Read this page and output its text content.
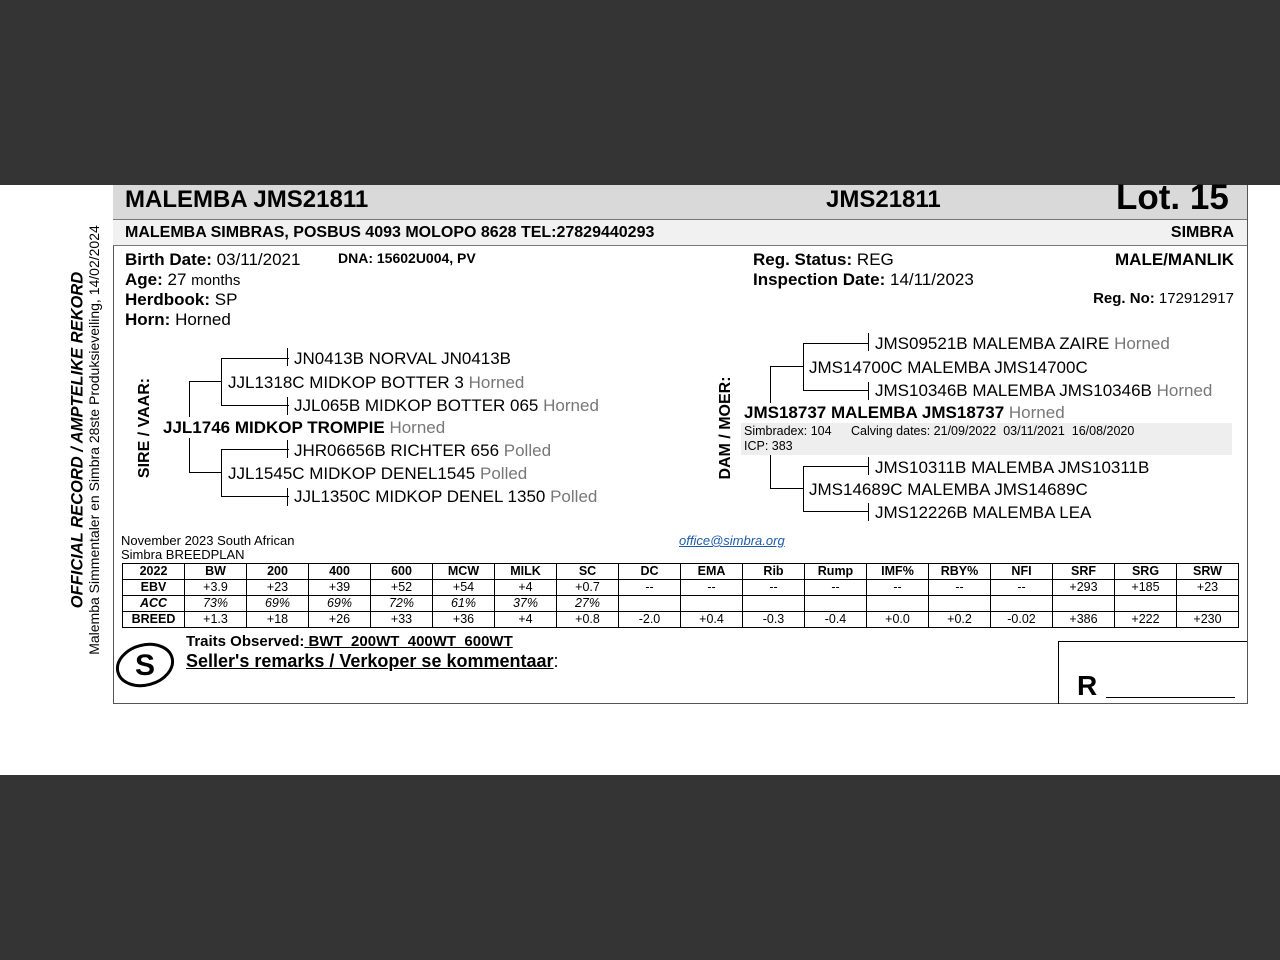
OFFICIAL RECORD / AMPTELIKE REKORD Malemba Simmentaler en Simbra 28ste Produksieveiling, 14/02/2024
MALEMBA JMS21811	JMS21811	Lot. 15
MALEMBA SIMBRAS, POSBUS 4093 MOLOPO 8628 TEL:27829440293	SIMBRA
Birth Date: 03/11/2021	DNA: 15602U004, PV
Age: 27 months
Herdbook: SP
Horn: Horned
Reg. Status: REG
Inspection Date: 14/11/2023
MALE/MANLIK
Reg. No: 172912917
SIRE / VAAR:
JN0413B NORVAL JN0413B
JJL1318C MIDKOP BOTTER 3 Horned
JJL065B MIDKOP BOTTER 065 Horned
JJL1746 MIDKOP TROMPIE Horned
JHR06656B RICHTER 656 Polled
JJL1545C MIDKOP DENEL1545 Polled
JJL1350C MIDKOP DENEL 1350 Polled
DAM / MOER:
JMS09521B MALEMBA ZAIRE Horned
JMS14700C MALEMBA JMS14700C
JMS10346B MALEMBA JMS10346B Horned
JMS18737 MALEMBA JMS18737 Horned
Simbradex: 104 Calving dates: 21/09/2022  03/11/2021  16/08/2020
ICP: 383
JMS10311B MALEMBA JMS10311B
JMS14689C MALEMBA JMS14689C
JMS12226B MALEMBA LEA
November 2023 South African
Simbra BREEDPLAN
office@simbra.org
2022	BW	200	400	600	MCW	MILK	SC	DC	EMA	Rib	Rump	IMF%	RBY%	NFI	SRF	SRG	SRW
EBV	+3.9	+23	+39	+52	+54	+4	+0.7	--	--	--	--	--	--	--	+293	+185	+23
ACC	73%	69%	69%	72%	61%	37%	27%										
BREED	+1.3	+18	+26	+33	+36	+4	+0.8	-2.0	+0.4	-0.3	-0.4	+0.0	+0.2	-0.02	+386	+222	+230
Traits Observed: BWT  200WT  400WT  600WT
Seller's remarks / Verkoper se kommentaar:
S
R
